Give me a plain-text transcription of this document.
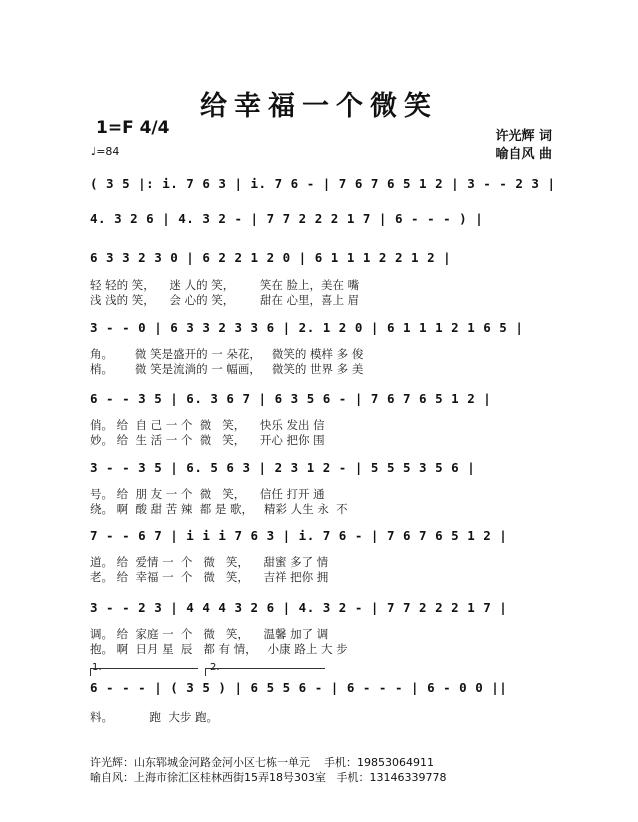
给幸福一个微笑
1=F 4/4
♩=84
许光辉 词
喻自风 曲
( 3 5 |: i. 7 6 3 | i. 7 6 - | 7 6 7 6 5 1 2 | 3 - - 2 3 |
4. 3 2 6 | 4. 3 2 - | 7 7 2 2 2 1 7 | 6 - - - ) |
6 3 3 2 3 0 | 6 2 2 1 2 0 | 6 1 1 1 2 2 1 2 |
轻 轻的 笑，    迷 人的 笑，       笑在 脸上，美在 嘴
浅 浅的 笑，    会 心的 笑，       甜在 心里，喜上 眉
3 - - 0 | 6 3 3 2 3 3 6 | 2. 1 2 0 | 6 1 1 1 2 1 6 5 |
角。      微 笑是盛开的 一 朵花，   微笑的 模样 多 俊
梢。      微 笑是流淌的 一 幅画，   微笑的 世界 多 美
6 - - 3 5 | 6. 3 6 7 | 6 3 5 6 - | 7 6 7 6 5 1 2 |
俏。 给  自 己 一 个  微   笑，    快乐 发出 信
妙。 给  生 活 一 个  微   笑，    开心 把你 围
3 - - 3 5 | 6. 5 6 3 | 2 3 1 2 - | 5 5 5 3 5 6 |
号。 给  朋 友 一 个  微   笑，    信任 打开 通
绕。 啊  酸 甜 苦 辣  都 是 歌，   精彩 人生 永  不
7 - - 6 7 | i i i 7 6 3 | i. 7 6 - | 7 6 7 6 5 1 2 |
道。 给  爱情 一  个   微   笑，    甜蜜 多了 情
老。 给  幸福 一  个   微   笑，    吉祥 把你 拥
3 - - 2 3 | 4 4 4 3 2 6 | 4. 3 2 - | 7 7 2 2 2 1 7 |
调。 给  家庭 一  个   微   笑，    温馨 加了 调
抱。 啊  日月 星  辰   都 有 情，   小康 路上 大 步
1.	2.
6 - - - | ( 3 5 ) | 6 5 5 6 - | 6 - - - | 6 - 0 0 ||
料。          跑  大步 跑。
许光辉：山东郓城金河路金河小区七栋一单元    手机：19853064911
喻自风：上海市徐汇区桂林西街15弄18号303室   手机：13146339778
